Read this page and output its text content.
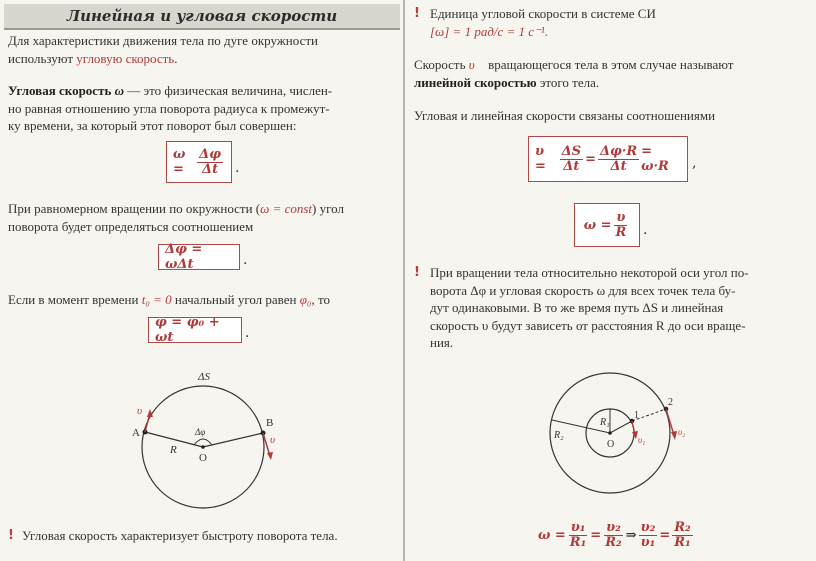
Линейная и угловая скорости
Для характеристики движения тела по дуге окружности
используют угловую скорость.
Угловая скорость ω — это физическая величина, числен-
но равная отношению угла поворота радиуса к промежут-
ку времени, за который этот поворот был совершен:
ω =	$\frac{\Delta\varphi}{\Delta t}$ .
При равномерном вращении по окружности (ω = const) угол
поворота будет определяться соотношением
Δφ = ωΔt	.
Если в момент времени t₀ = 0 начальный угол равен φ₀, то
φ = φ₀ + ωt	.
ΔS
Δφ
R
O
A
B
υ⃗
υ⃗
! Угловая скорость характеризует быстроту поворота тела.
! Единица угловой скорости в системе СИ
[ω] = 1 рад/с = 1 с⁻¹.
Скорость υ⃗ вращающегося тела в этом случае называют
линейной скоростью этого тела.
Угловая и линейная скорости связаны соотношениями
υ =	$\frac{\Delta S}{\Delta t} = \frac{\Delta\varphi\cdot R}{\Delta t} = \omega\cdot R$	,
$\omega = \frac{\upsilon}{R}$ .
! При вращении тела относительно некоторой оси угол по-
ворота Δφ и угловая скорость ω для всех точек тела бу-
дут одинаковыми. В то же время путь ΔS и линейная
скорость υ будут зависеть от расстояния R до оси враще-
ния.
R₂
R₁
O
1
2
υ₁
υ₂
$\omega = \frac{\text{υ₁}}{\text{R₁}} = \frac{\text{υ₂}}{\text{R₂}}$ ⇒ $\frac{\text{υ₂}}{\text{υ₁}} = \frac{\text{R₂}}{\text{R₁}}$
